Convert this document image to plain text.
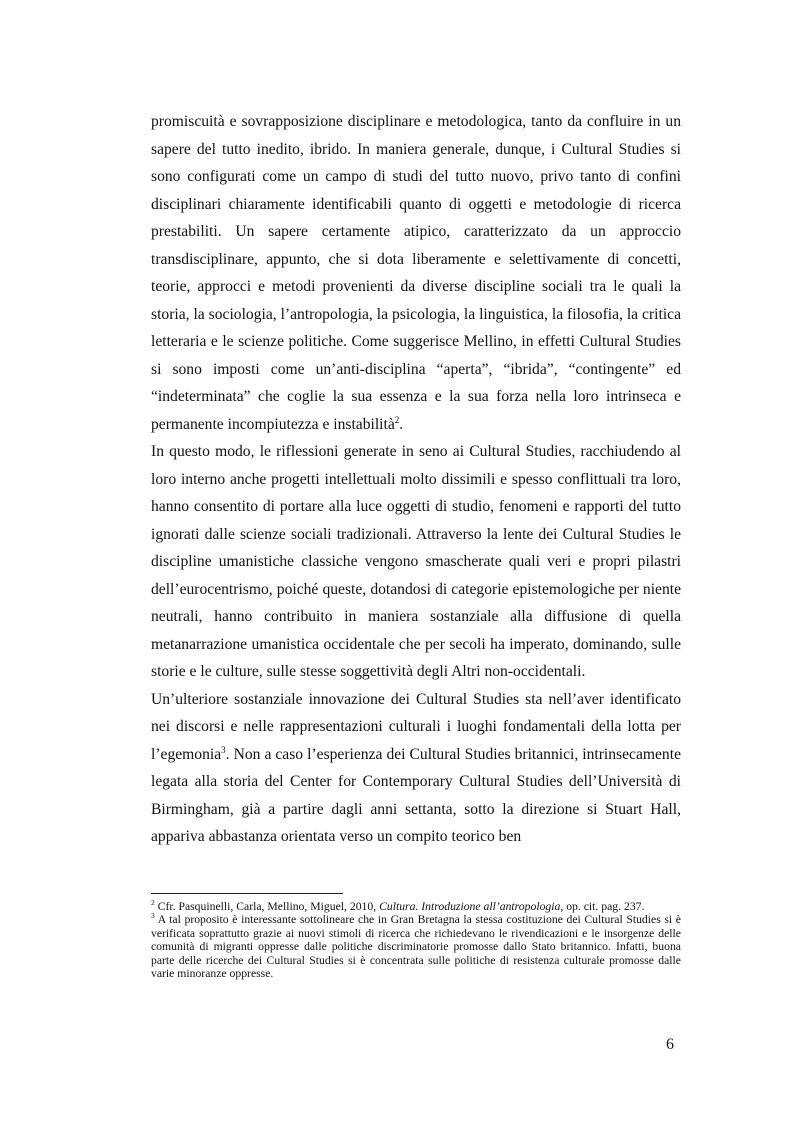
promiscuità e sovrapposizione disciplinare e metodologica, tanto da confluire in un sapere del tutto inedito, ibrido. In maniera generale, dunque, i Cultural Studies si sono configurati come un campo di studi del tutto nuovo, privo tanto di confini disciplinari chiaramente identificabili quanto di oggetti e metodologie di ricerca prestabiliti. Un sapere certamente atipico, caratterizzato da un approccio transdisciplinare, appunto, che si dota liberamente e selettivamente di concetti, teorie, approcci e metodi provenienti da diverse discipline sociali tra le quali la storia, la sociologia, l’antropologia, la psicologia, la linguistica, la filosofia, la critica letteraria e le scienze politiche. Come suggerisce Mellino, in effetti Cultural Studies si sono imposti come un’anti-disciplina “aperta”, “ibrida”, “contingente” ed “indeterminata” che coglie la sua essenza e la sua forza nella loro intrinseca e permanente incompiutezza e instabilità$^2$.

In questo modo, le riflessioni generate in seno ai Cultural Studies, racchiudendo al loro interno anche progetti intellettuali molto dissimili e spesso conflittuali tra loro, hanno consentito di portare alla luce oggetti di studio, fenomeni e rapporti del tutto ignorati dalle scienze sociali tradizionali. Attraverso la lente dei Cultural Studies le discipline umanistiche classiche vengono smascherate quali veri e propri pilastri dell’eurocentrismo, poiché queste, dotandosi di categorie epistemologiche per niente neutrali, hanno contribuito in maniera sostanziale alla diffusione di quella metanarrazione umanistica occidentale che per secoli ha imperato, dominando, sulle storie e le culture, sulle stesse soggettività degli Altri non-occidentali.

Un’ulteriore sostanziale innovazione dei Cultural Studies sta nell’aver identificato nei discorsi e nelle rappresentazioni culturali i luoghi fondamentali della lotta per l’egemonia$^3$. Non a caso l’esperienza dei Cultural Studies britannici, intrinsecamente legata alla storia del Center for Contemporary Cultural Studies dell’Università di Birmingham, già a partire dagli anni settanta, sotto la direzione si Stuart Hall, appariva abbastanza orientata verso un compito teorico ben

$^2$ Cfr. Pasquinelli, Carla, Mellino, Miguel, 2010, Cultura. Introduzione all’antropologia, op. cit. pag. 237.

$^3$ A tal proposito è interessante sottolineare che in Gran Bretagna la stessa costituzione dei Cultural Studies si è verificata soprattutto grazie ai nuovi stimoli di ricerca che richiedevano le rivendicazioni e le insorgenze delle comunità di migranti oppresse dalle politiche discriminatorie promosse dallo Stato britannico. Infatti, buona parte delle ricerche dei Cultural Studies si è concentrata sulle politiche di resistenza culturale promosse dalle varie minoranze oppresse.

6
